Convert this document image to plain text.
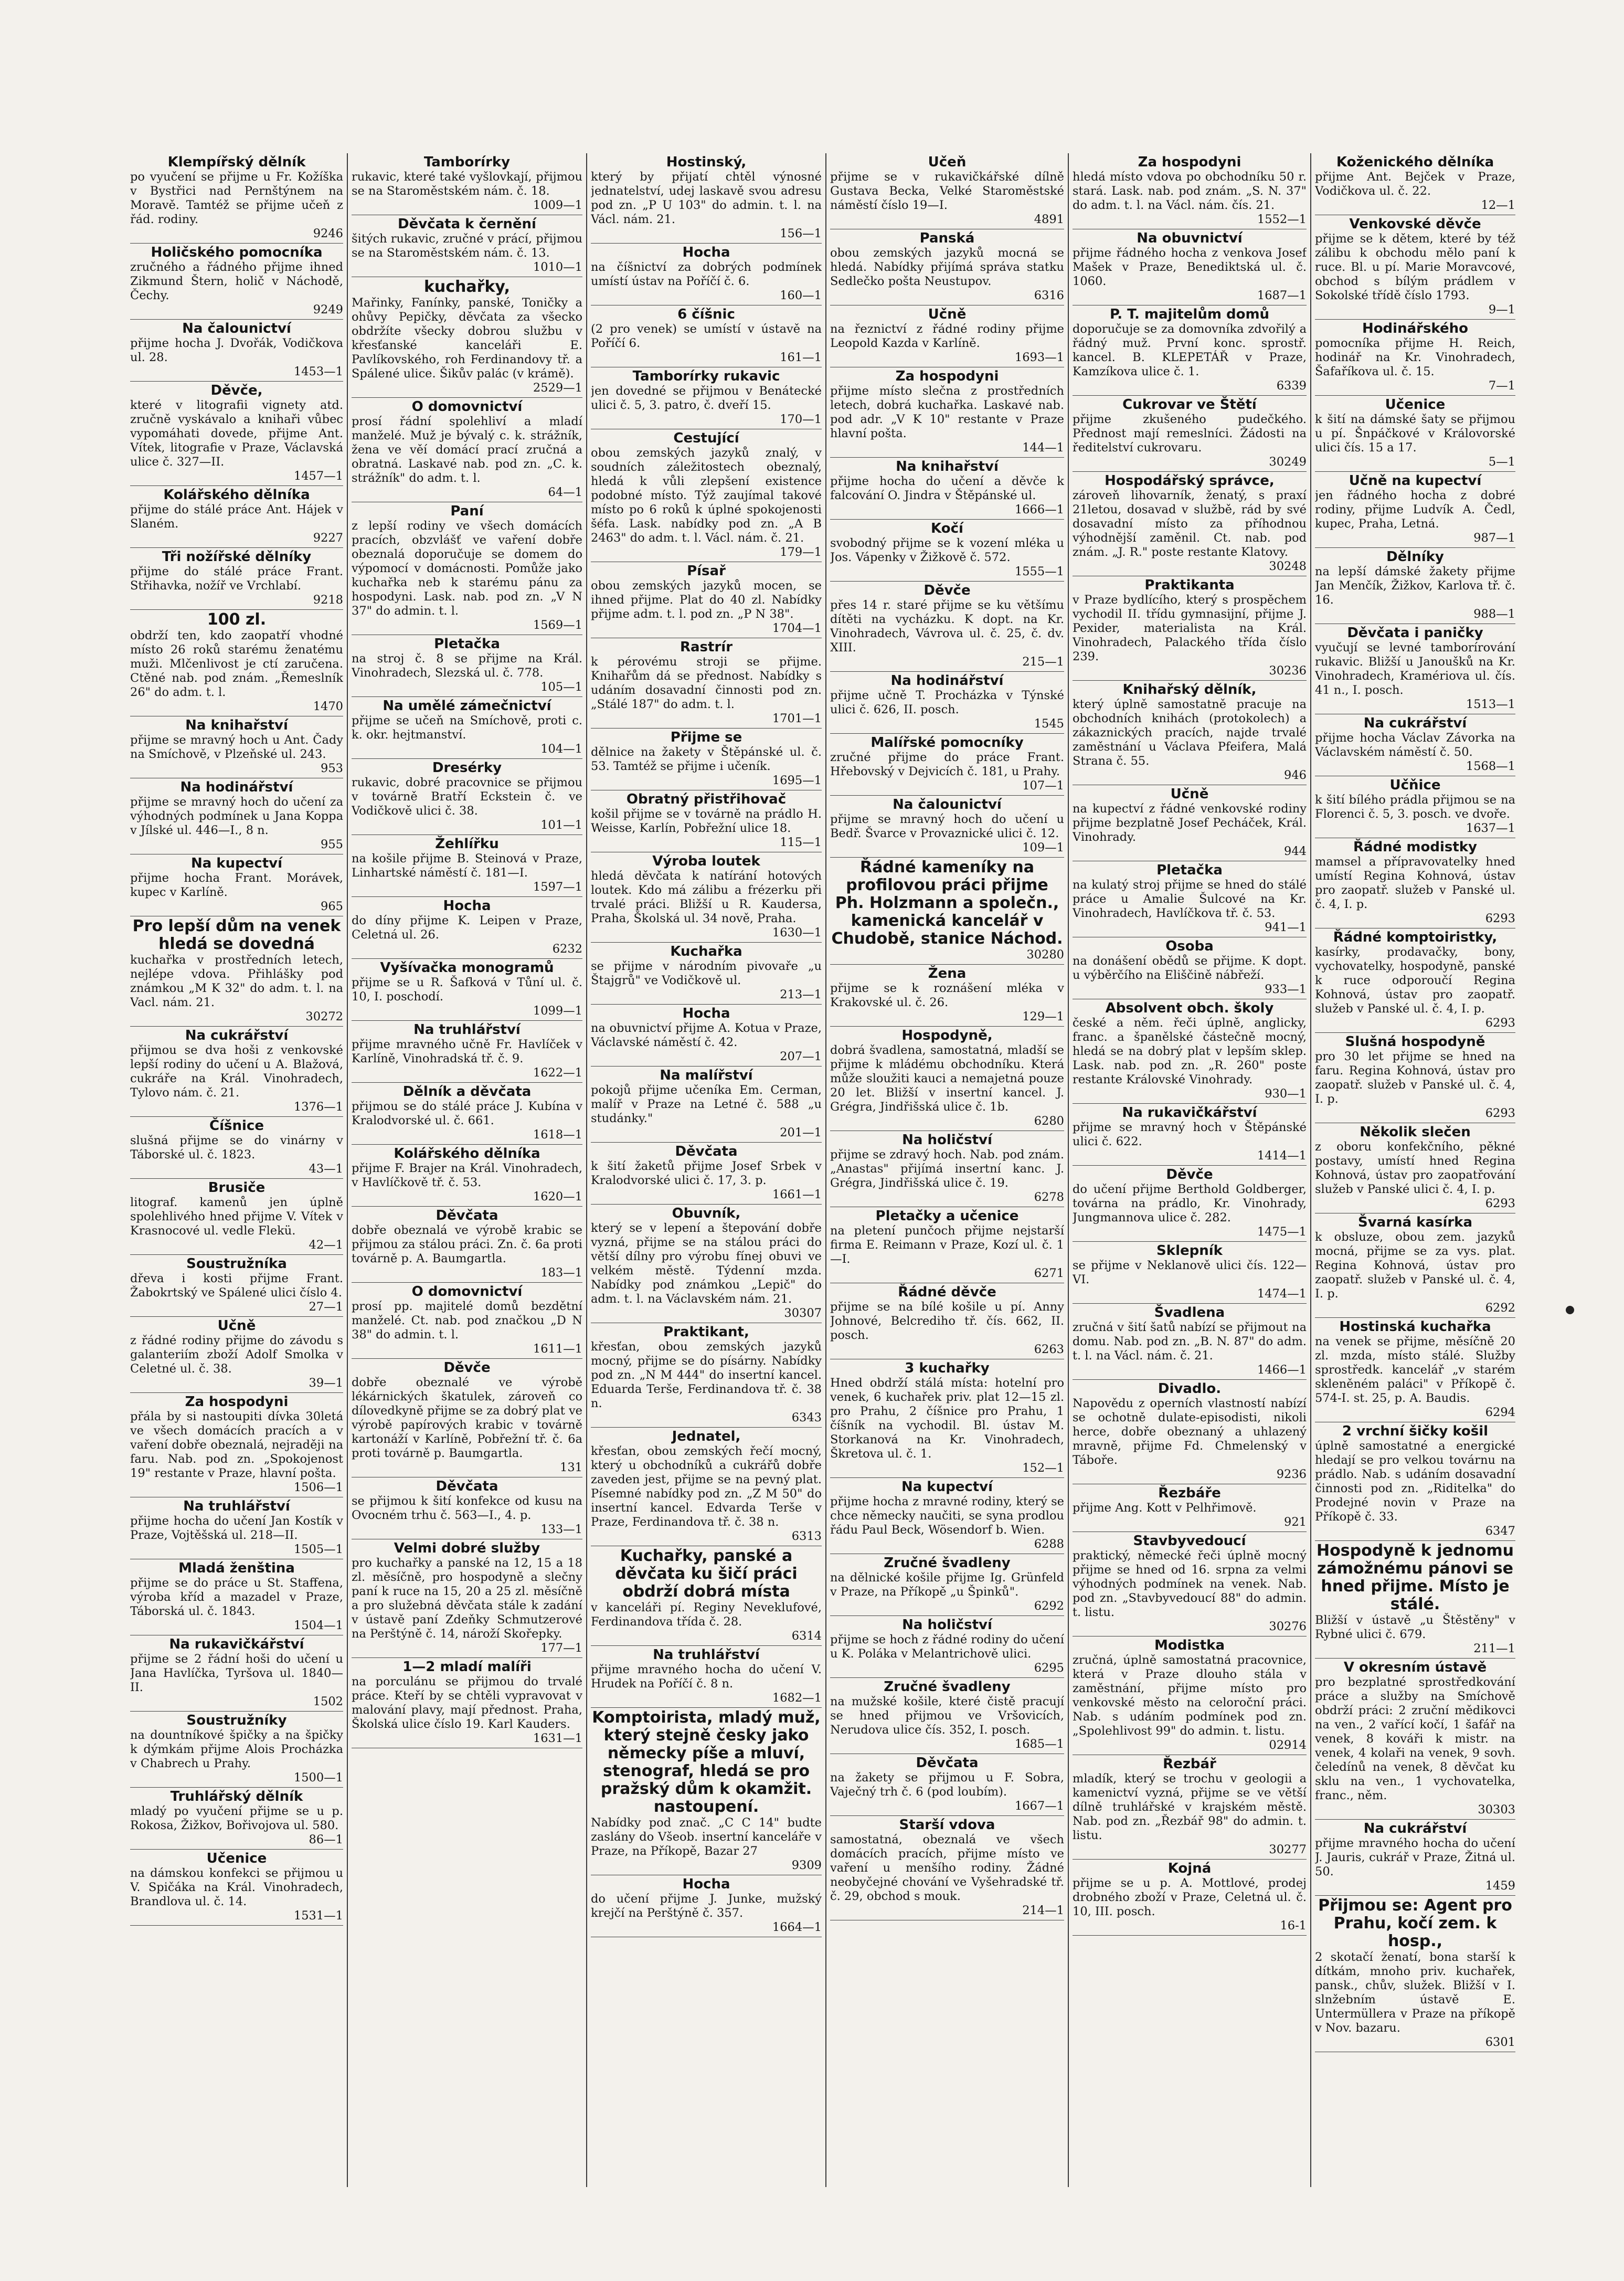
Klempířský dělník

po vyučení se přijme u Fr. Kožíška v Bystřici nad Pernštýnem na Moravě. Tamtéž se přijme učeň z řád. rodiny.
9246

Holičského pomocníka

zručného a řádného přijme ihned Zikmund Štern, holič v Náchodě, Čechy.
9249

Na čalounictví

přijme hocha J. Dvořák, Vodičkova ul. 28.
1453—1

Děvče,

které v litografii vignety atd. zručně vyskávalo a knihaři vůbec vypomáhati dovede, přijme Ant. Vítek, litografie v Praze, Václavská ulice č. 327—II.
1457—1

Kolářského dělníka

přijme do stálé práce Ant. Hájek v Slaném.
9227

Tři nožířské dělníky

přijme do stálé práce Frant. Střihavka, nožíř ve Vrchlabí.
9218

100 zl.

obdrží ten, kdo zaopatří vhodné místo 26 roků starému ženatému muži. Mlčenlivost je ctí zaručena. Ctěné nab. pod znám. „Řemeslník 26" do adm. t. l.
1470

Na knihařství

přijme se mravný hoch u Ant. Čady na Smíchově, v Plzeňské ul. 243.
953

Na hodinářství

přijme se mravný hoch do učení za výhodných podmínek u Jana Koppa v Jílské ul. 446—I., 8 n.
955

Na kupectví

přijme hocha Frant. Morávek, kupec v Karlíně.
965

Pro lepší dům na venek hledá se dovedná

kuchařka v prostředních letech, nejlépe vdova. Přihlášky pod známkou „M K 32" do adm. t. l. na Vacl. nám. 21.
30272

Na cukrářství

přijmou se dva hoši z venkovské lepší rodiny do učení u A. Blažová, cukráře na Král. Vinohradech, Tylovo nám. č. 21.
1376—1

Číšnice

slušná přijme se do vinárny v Táborské ul. č. 1823.
43—1

Brusiče

litograf. kamenů jen úplně spolehlivého hned přijme V. Vítek v Krasnocové ul. vedle Flekü.
42—1

Soustružníka

dřeva i kosti přijme Frant. Žabokrtský ve Spálené ulici číslo 4.
27—1

Učně

z řádné rodiny přijme do závodu s galanteriím zboží Adolf Smolka v Celetné ul. č. 38.
39—1

Za hospodyni

přála by si nastoupiti dívka 30letá ve všech domácích pracích a v vaření dobře obeznalá, nejraději na faru. Nab. pod zn. „Spokojenost 19" restante v Praze, hlavní pošta.
1506—1

Na truhlářství

přijme hocha do učení Jan Kostík v Praze, Vojtěšská ul. 218—II.
1505—1

Mladá ženština

přijme se do práce u St. Staffena, výroba kříd a mazadel v Praze, Táborská ul. č. 1843.
1504—1

Na rukavičkářství

přijme se 2 řádní hoši do učení u Jana Havlíčka, Tyršova ul. 1840—II.
1502

Soustružníky

na dountníkové špičky a na špičky k dýmkám přijme Alois Procházka v Chabrech u Prahy.
1500—1

Truhlářský dělník

mladý po vyučení přijme se u p. Rokosa, Žižkov, Bořivojova ul. 580.
86—1

Učenice

na dámskou konfekci se přijmou u V. Spičáka na Král. Vinohradech, Brandlova ul. č. 14.
1531—1

Tamborírky

rukavic, které také vyšlovkají, přijmou se na Staroměstském nám. č. 18.
1009—1

Děvčata k černění

šitých rukavic, zručné v prácí, přijmou se na Staroměstském nám. č. 13.
1010—1

kuchařky,

Mařinky, Fanínky, panské, Toničky a ohůvy Pepičky, děvčata za všecko obdržíte všecky dobrou službu v křesťanské kanceláři E. Pavlíkovského, roh Ferdinandovy tř. a Spálené ulice. Šikův palác (v krámě).
2529—1

O domovnictví

prosí řádní spolehliví a mladí manželé. Muž je bývalý c. k. strážník, žena ve věí domácí prací zručná a obratná. Laskavé nab. pod zn. „C. k. strážník" do adm. t. l.
64—1

Paní

z lepší rodiny ve všech domácích pracích, obzvlášť ve vaření dobře obeznalá doporučuje se domem do výpomocí v domácnosti. Pomůže jako kuchařka neb k starému pánu za hospodyni. Lask. nab. pod zn. „V N 37" do admin. t. l.
1569—1

Pletačka

na stroj č. 8 se přijme na Král. Vinohradech, Slezská ul. č. 778.
105—1

Na umělé zámečnictví

přijme se učeň na Smíchově, proti c. k. okr. hejtmanství.
104—1

Dresérky

rukavic, dobré pracovnice se přijmou v továrně Bratří Eckstein č. ve Vodičkově ulici č. 38.
101—1

Žehlířku

na košile přijme B. Steinová v Praze, Linhartské náměstí č. 181—I.
1597—1

Hocha

do díny přijme K. Leipen v Praze, Celetná ul. 26.
6232

Vyšívačka monogramů

přijme se u R. Šafková v Tůní ul. č. 10, I. poschodí.
1099—1

Na truhlářství

přijme mravného učně Fr. Havlíček v Karlíně, Vinohradská tř. č. 9.
1622—1

Dělník a děvčata

přijmou se do stálé práce J. Kubína v Kralodvorské ul. č. 661.
1618—1

Kolářského dělníka

přijme F. Brajer na Král. Vinohradech, v Havlíčkově tř. č. 53.
1620—1

Děvčata

dobře obeznalá ve výrobě krabic se přijmou za stálou práci. Zn. č. 6a proti továrně p. A. Baumgartla.
183—1

O domovnictví

prosí pp. majitelé domů bezdětní manželé. Ct. nab. pod značkou „D N 38" do admin. t. l.
1611—1

Děvče

dobře obeznalé ve výrobě lékárnických škatulek, zároveň co dílovedkyně přijme se za dobrý plat ve výrobě papírových krabic v továrně kartonáží v Karlíně, Pobřežní tř. č. 6a proti továrně p. Baumgartla.
131

Děvčata

se přijmou k šití konfekce od kusu na Ovocném trhu č. 563—I., 4. p.
133—1

Velmi dobré služby

pro kuchařky a panské na 12, 15 a 18 zl. měsíčně, pro hospodyně a slečny paní k ruce na 15, 20 a 25 zl. měsíčně a pro služebná děvčata stále k zadání v ústavě paní Zdeňky Schmutzerové na Perštýně č. 14, nároží Skořepky.
177—1

1—2 mladí malíři

na porculánu se přijmou do trvalé práce. Kteří by se chtěli vypravovat v malování plavy, mají přednost. Praha, Školská ulice číslo 19. Karl Kauders.
1631—1

Hostinský,

který by přijatí chtěl výnosné jednatelství, udej laskavě svou adresu pod zn. „P U 103" do admin. t. l. na Václ. nám. 21.
156—1

Hocha

na číšnictví za dobrých podmínek umístí ústav na Poříčí č. 6.
160—1

6 číšnic

(2 pro venek) se umístí v ústavě na Poříčí 6.
161—1

Tamborírky rukavic

jen dovedné se přijmou v Benátecké ulici č. 5, 3. patro, č. dveří 15.
170—1

Cestující

obou zemských jazyků znalý, v soudních záležitostech obeznalý, hledá k vůli zlepšení existence podobné místo. Týž zaujímal takové místo po 6 roků k úplné spokojenosti šéfa. Lask. nabídky pod zn. „A B 2463" do adm. t. l. Václ. nám. č. 21.
179—1

Písař

obou zemských jazyků mocen, se ihned přijme. Plat do 40 zl. Nabídky přijme adm. t. l. pod zn. „P N 38".
1704—1

Rastrír

k pérovému stroji se přijme. Knihařům dá se přednost. Nabídky s udáním dosavadní činnosti pod zn. „Stálé 187" do adm. t. l.
1701—1

Přijme se

dělnice na žakety v Štěpánské ul. č. 53. Tamtéž se přijme i učeník.
1695—1

Obratný přistřihovač

košil přijme se v továrně na prádlo H. Weisse, Karlín, Pobřežní ulice 18.
115—1

Výroba loutek

hledá děvčata k natírání hotových loutek. Kdo má zálibu a frézerku při trvalé práci. Bližší u R. Kaudersa, Praha, Školská ul. 34 nově, Praha.
1630—1

Kuchařka

se přijme v národním pivovaře „u Štajgrů" ve Vodičkově ul.
213—1

Hocha

na obuvnictví přijme A. Kotua v Praze, Václavské náměstí č. 42.
207—1

Na malířství

pokojů přijme učeníka Em. Cerman, malíř v Praze na Letné č. 588 „u studánky."
201—1

Děvčata

k šití žaketů přijme Josef Srbek v Kralodvorské ulici č. 17, 3. p.
1661—1

Obuvník,

který se v lepení a štepování dobře vyzná, přijme se na stálou práci do větší dílny pro výrobu fínej obuvi ve velkém městě. Týdenní mzda. Nabídky pod známkou „Lepič" do adm. t. l. na Václavském nám. 21.
30307

Praktikant,

křesťan, obou zemských jazyků mocný, přijme se do písárny. Nabídky pod zn. „N M 444" do insertní kancel. Eduarda Terše, Ferdinandova tř. č. 38 n.
6343

Jednatel,

křesťan, obou zemských řečí mocný, který u obchodníků a cukrářů dobře zaveden jest, přijme se na pevný plat. Písemné nabídky pod zn. „Z M 50" do insertní kancel. Edvarda Terše v Praze, Ferdinandova tř. č. 38 n.
6313

Kuchařky, panské a děvčata ku šičí práci obdrží dobrá místa

v kanceláři pí. Reginy Neveklufové, Ferdinandova třída č. 28.
6314

Na truhlářství

přijme mravného hocha do učení V. Hrudek na Poříčí č. 8 n.
1682—1

Komptoirista, mladý muž, který stejně česky jako německy píše a mluví, stenograf, hledá se pro pražský dům k okamžit. nastoupení.

Nabídky pod znač. „C C 14" budte zaslány do Všeob. insertní kanceláře v Praze, na Příkopě, Bazar 27
9309

Hocha

do učení přijme J. Junke, mužský krejčí na Perštýně č. 357.
1664—1

Učeň

přijme se v rukavičkářské dílně Gustava Becka, Velké Staroměstské náměstí číslo 19—I.
4891

Panská

obou zemských jazyků mocná se hledá. Nabídky přijímá správa statku Sedlečko pošta Neustupov.
6316

Učně

na řeznictví z řádné rodiny přijme Leopold Kazda v Karlíně.
1693—1

Za hospodyni

přijme místo slečna z prostředních letech, dobrá kuchařka. Laskavé nab. pod adr. „V K 10" restante v Praze hlavní pošta.
144—1

Na knihařství

přijme hocha do učení a děvče k falcování O. Jindra v Štěpánské ul.
1666—1

Kočí

svobodný přijme se k vození mléka u Jos. Vápenky v Žižkově č. 572.
1555—1

Děvče

přes 14 r. staré přijme se ku většímu dítěti na vycházku. K dopt. na Kr. Vinohradech, Vávrova ul. č. 25, č. dv. XIII.
215—1

Na hodinářství

přijme učně T. Procházka v Týnské ulici č. 626, II. posch.
1545

Malířské pomocníky

zručné přijme do práce Frant. Hřebovský v Dejvicích č. 181, u Prahy.
107—1

Na čalounictví

přijme se mravný hoch do učení u Bedř. Švarce v Provaznické ulici č. 12.
109—1

Řádné kameníky na profilovou práci přijme Ph. Holzmann a společn., kamenická kancelář v Chudobě, stanice Náchod.

30280

Žena

přijme se k roznášení mléka v Krakovské ul. č. 26.
129—1

Hospodyně,

dobrá švadlena, samostatná, mladší se přijme k mládému obchodníku. Která může sloužiti kauci a nemajetná pouze 20 let. Bližší v insertní kancel. J. Grégra, Jindřišská ulice č. 1b.
6280

Na holičství

přijme se zdravý hoch. Nab. pod znám. „Anastas" přijímá insertní kanc. J. Grégra, Jindřišská ulice č. 19.
6278

Pletačky a učenice

na pletení punčoch přijme nejstarší firma E. Reimann v Praze, Kozí ul. č. 1—I.
6271

Řádné děvče

přijme se na bílé košile u pí. Anny Johnové, Belcrediho tř. čís. 662, II. posch.
6263

3 kuchařky

Hned obdrží stálá místa: hotelní pro venek, 6 kuchařek priv. plat 12—15 zl. pro Prahu, 2 číšnice pro Prahu, 1 číšník na vychodil. Bl. ústav M. Storkanová na Kr. Vinohradech, Škretova ul. č. 1.
152—1

Na kupectví

přijme hocha z mravné rodiny, který se chce německy naučiti, se syna prodlou řádu Paul Beck, Wösendorf b. Wien.
6288

Zručné švadleny

na dělnické košile přijme Ig. Grünfeld v Praze, na Příkopě „u Špinků".
6292

Na holičství

přijme se hoch z řádné rodiny do učení u K. Poláka v Melantrichově ulici.
6295

Zručné švadleny

na mužské košile, které čistě pracují se hned přijmou ve Vršovicích, Nerudova ulice čís. 352, I. posch.
1685—1

Děvčata

na žakety se přijmou u F. Sobra, Vaječný trh č. 6 (pod loubím).
1667—1

Starší vdova

samostatná, obeznalá ve všech domácích pracích, přijme místo ve vaření u menšího rodiny. Žádné neobyčejné chování ve Vyšehradské tř. č. 29, obchod s mouk.
214—1

Za hospodyni

hledá místo vdova po obchodníku 50 r. stará. Lask. nab. pod znám. „S. N. 37" do adm. t. l. na Václ. nám. čís. 21.
1552—1

Na obuvnictví

přijme řádného hocha z venkova Josef Mašek v Praze, Benediktská ul. č. 1060.
1687—1

P. T. majitelům domů

doporučuje se za domovníka zdvořilý a řádný muž. První konc. sprostř. kancel. B. KLEPETÁŘ v Praze, Kamzíkova ulice č. 1.
6339

Cukrovar ve Štětí

přijme zkušeného pudečkého. Přednost mají remeslníci. Žádosti na ředitelství cukrovaru.
30249

Hospodářský správce,

zároveň lihovarník, ženatý, s praxí 21letou, dosavad v službě, rád by své dosavadní místo za příhodnou výhodnější zaměnil. Ct. nab. pod znám. „J. R." poste restante Klatovy.
30248

Praktikanta

v Praze bydlícího, který s prospěchem vychodil II. třídu gymnasijní, přijme J. Pexider, materialista na Král. Vinohradech, Palackého třída číslo 239.
30236

Knihařský dělník,

který úplně samostatně pracuje na obchodních knihách (protokolech) a zákaznických pracích, najde trvalé zaměstnání u Václava Pfeifera, Malá Strana č. 55.
946

Učně

na kupectví z řádné venkovské rodiny přijme bezplatně Josef Pecháček, Král. Vinohrady.
944

Pletačka

na kulatý stroj přijme se hned do stálé práce u Amalie Šulcové na Kr. Vinohradech, Havlíčkova tř. č. 53.
941—1

Osoba

na donášení obědů se přijme. K dopt. u výběrčího na Eliščině nábřeží.
933—1

Absolvent obch. školy

české a něm. řeči úplně, anglicky, franc. a španělské částečně mocný, hledá se na dobrý plat v lepším sklep. Lask. nab. pod zn. „R. 260" poste restante Královské Vinohrady.
930—1

Na rukavičkářství

přijme se mravný hoch v Štěpánské ulici č. 622.
1414—1

Děvče

do učení přijme Berthold Goldberger, továrna na prádlo, Kr. Vinohrady, Jungmannova ulice č. 282.
1475—1

Sklepník

se přijme v Neklanově ulici čís. 122—VI.
1474—1

Švadlena

zručná v šití šatů nabízí se přijmout na domu. Nab. pod zn. „B. N. 87" do adm. t. l. na Václ. nám. č. 21.
1466—1

Divadlo.

Napovědu z operních vlastností nabízí se ochotně dulate-episodisti, nikoli herce, dobře obeznaný a uhlazený mravně, přijme Fd. Chmelenský v Táboře.
9236

Řezbáře

přijme Ang. Kott v Pelhřimově.
921

Stavbyvedoucí

praktický, německé řeči úplně mocný přijme se hned od 16. srpna za velmi výhodných podmínek na venek. Nab. pod zn. „Stavbyvedoucí 88" do admin. t. listu.
30276

Modistka

zručná, úplně samostatná pracovnice, která v Praze dlouho stála v zaměstnání, přijme místo pro venkovské město na celoroční práci. Nab. s udáním podmínek pod zn. „Spolehlivost 99" do admin. t. listu.
02914

Řezbář

mladík, který se trochu v geologii a kamenictví vyzná, přijme se ve větší dílně truhlářské v krajském městě. Nab. pod zn. „Řezbář 98" do admin. t. listu.
30277

Kojná

přijme se u p. A. Mottlové, prodej drobného zboží v Praze, Celetná ul. č. 10, III. posch.
16-1

Koženického dělníka

přijme Ant. Bejček v Praze, Vodičkova ul. č. 22.
12—1

Venkovské děvče

přijme se k dětem, které by též zálibu k obchodu mělo paní k ruce. Bl. u pí. Marie Moravcové, obchod s bílým prádlem v Sokolské třídě číslo 1793.
9—1

Hodinářského

pomocníka přijme H. Reich, hodinář na Kr. Vinohradech, Šafaříkova ul. č. 15.
7—1

Učenice

k šití na dámské šaty se přijmou u pí. Šnpáčkové v Královorské ulici čís. 15 a 17.
5—1

Učně na kupectví

jen řádného hocha z dobré rodiny, přijme Ludvík A. Čedl, kupec, Praha, Letná.
987—1

Dělníky

na lepší dámské žakety přijme Jan Menčík, Žižkov, Karlova tř. č. 16.
988—1

Děvčata i paničky

vyučují se levné tamborírování rukavic. Bližší u Janoušků na Kr. Vinohradech, Kramériova ul. čís. 41 n., I. posch.
1513—1

Na cukrářství

přijme hocha Václav Závorka na Václavském náměstí č. 50.
1568—1

Učňice

k šití bílého prádla přijmou se na Florenci č. 5, 3. posch. ve dvoře.
1637—1

Řádné modistky

mamsel a přípravovatelky hned umístí Regina Kohnová, ústav pro zaopatř. služeb v Panské ul. č. 4, I. p.
6293

Řádné komptoiristky,

kasírky, prodavačky, bony, vychovatelky, hospodyně, panské k ruce odporoučí Regina Kohnová, ústav pro zaopatř. služeb v Panské ul. č. 4, I. p.
6293

Slušná hospodyně

pro 30 let přijme se hned na faru. Regina Kohnová, ústav pro zaopatř. služeb v Panské ul. č. 4, I. p.
6293

Několik slečen

z oboru konfekčního, pěkné postavy, umístí hned Regina Kohnová, ústav pro zaopatřování služeb v Panské ulici č. 4, I. p.
6293

Švarná kasírka

k obsluze, obou zem. jazyků mocná, přijme se za vys. plat. Regina Kohnová, ústav pro zaopatř. služeb v Panské ul. č. 4, I. p.
6292

Hostinská kuchařka

na venek se přijme, měsíčně 20 zl. mzda, místo stálé. Služby sprostředk. kancelář „v starém skleněném paláci" v Příkopě č. 574-I. st. 25, p. A. Baudis.
6294

2 vrchní šičky košil

úplně samostatné a energické hledají se pro velkou továrnu na prádlo. Nab. s udáním dosavadní činnosti pod zn. „Riditelka" do Prodejné novin v Praze na Příkopě č. 33.
6347

Hospodyně k jednomu zámožnému pánovi se hned přijme. Místo je stálé.

Bližší v ústavě „u Štěstěny" v Rybné ulici č. 679.
211—1

V okresním ústavě

pro bezplatné sprostředkování práce a služby na Smíchově obdrží práci: 2 zruční mědikovci na ven., 2 vařící kočí, 1 šafář na venek, 8 kováři k mistr. na venek, 4 kolaři na venek, 9 sovh. čeledínů na venek, 8 děvčat ku sklu na ven., 1 vychovatelka, franc., něm.
30303

Na cukrářství

přijme mravného hocha do učení J. Jauris, cukrář v Praze, Žitná ul. 50.
1459

Přijmou se: Agent pro Prahu, kočí zem. k hosp.,

2 skotačí ženatí, bona starší k dítkám, mnoho priv. kuchařek, pansk., chův, služek. Bližší v I. slnžebním ústavě E. Untermüllera v Praze na příkopě v Nov. bazaru.
6301
